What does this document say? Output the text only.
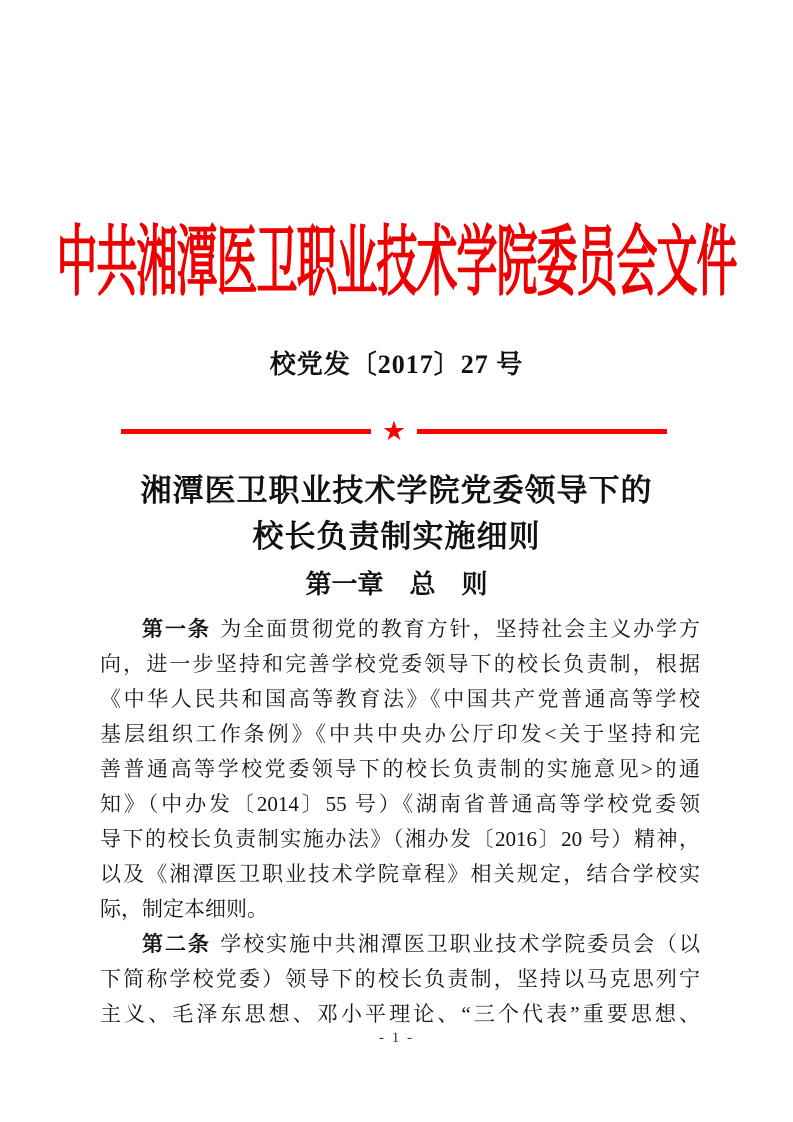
中共湘潭医卫职业技术学院委员会文件
校党发〔2017〕27 号
★
湘潭医卫职业技术学院党委领导下的
校长负责制实施细则
第一章　总　则
第一条 为全面贯彻党的教育方针，坚持社会主义办学方
向，进一步坚持和完善学校党委领导下的校长负责制，根据
《中华人民共和国高等教育法》《中国共产党普通高等学校
基层组织工作条例》《中共中央办公厅印发<关于坚持和完
善普通高等学校党委领导下的校长负责制的实施意见>的通
知》（中办发〔2014〕55 号）《湖南省普通高等学校党委领
导下的校长负责制实施办法》（湘办发〔2016〕20 号）精神，
以及《湘潭医卫职业技术学院章程》相关规定，结合学校实
际，制定本细则。
第二条 学校实施中共湘潭医卫职业技术学院委员会（以
下简称学校党委）领导下的校长负责制，坚持以马克思列宁
主义、毛泽东思想、邓小平理论、“三个代表”重要思想、
- 1 -
